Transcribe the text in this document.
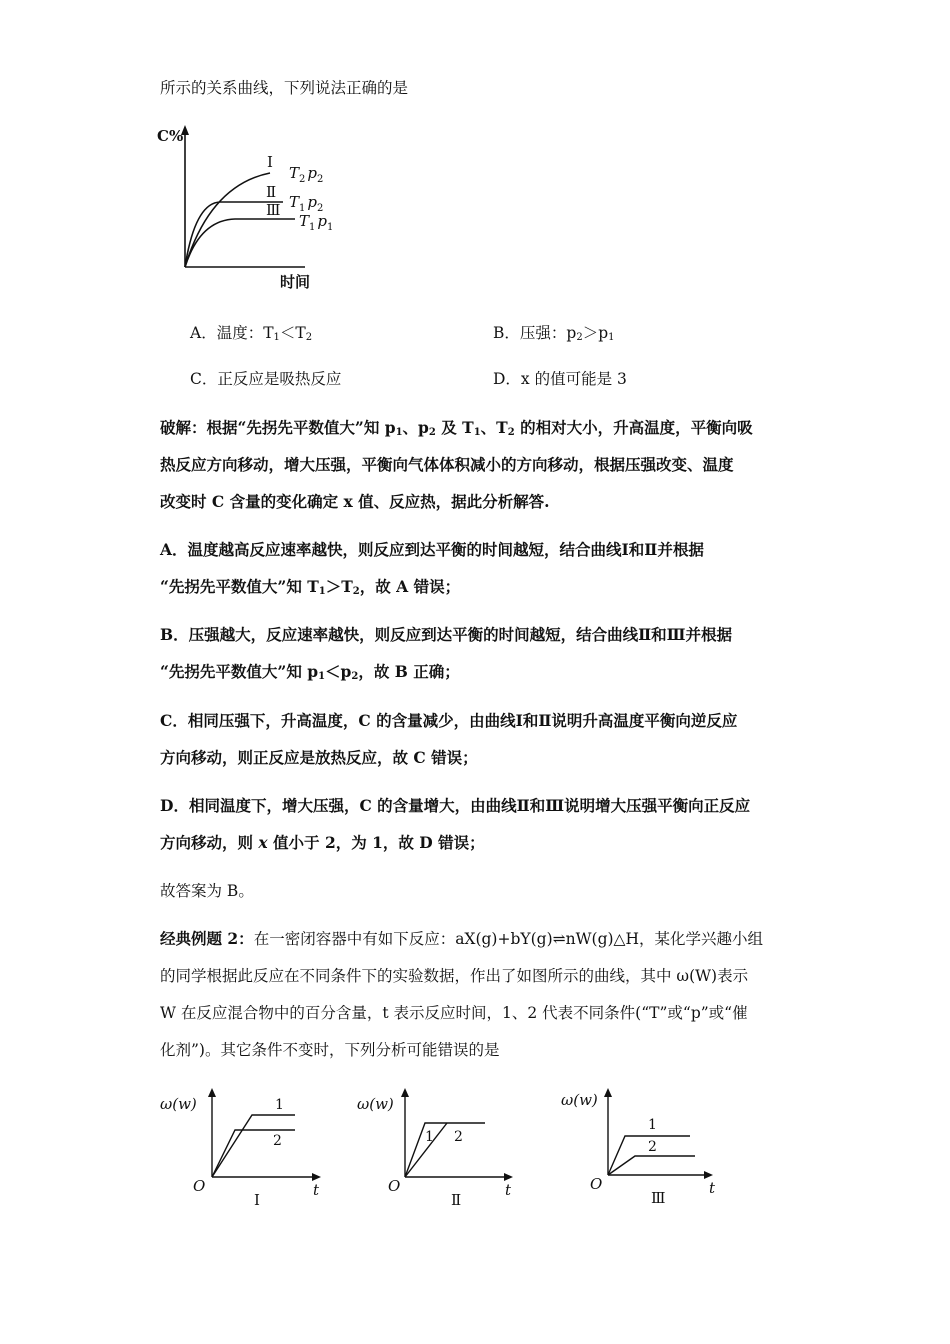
所示的关系曲线，下列说法正确的是
C%
时间
Ⅰ
Ⅱ
Ⅲ
$T_2$ $p_2$
$T_1$ $p_2$
$T_1$ $p_1$
A．温度：$T_1<T_2$	B．压强：$p_2>p_1$
C．正反应是吸热反应	D．x 的值可能是 3
破解：根据“先拐先平数值大”知 $p_1$、$p_2$ 及 $T_1$、$T_2$ 的相对大小，升高温度，平衡向吸
热反应方向移动，增大压强，平衡向气体体积减小的方向移动，根据压强改变、温度
改变时 C 含量的变化确定 x 值、反应热，据此分析解答.
A．温度越高反应速率越快，则反应到达平衡的时间越短，结合曲线Ⅰ和Ⅱ并根据
“先拐先平数值大”知 $T_1>T_2$，故 A 错误；
B．压强越大，反应速率越快，则反应到达平衡的时间越短，结合曲线Ⅱ和Ⅲ并根据
“先拐先平数值大”知 $p_1<p_2$，故 B 正确；
C．相同压强下，升高温度，C 的含量减少，由曲线Ⅰ和Ⅱ说明升高温度平衡向逆反应
方向移动，则正反应是放热反应，故 C 错误；
D．相同温度下，增大压强，C 的含量增大，由曲线Ⅱ和Ⅲ说明增大压强平衡向正反应
方向移动，则 x 值小于 2，为 1，故 D 错误；
故答案为 B。
经典例题 2：在一密闭容器中有如下反应：aX(g)+bY(g)⇌nW(g)△H，某化学兴趣小组
的同学根据此反应在不同条件下的实验数据，作出了如图所示的曲线，其中 ω(W)表示
W 在反应混合物中的百分含量，t 表示反应时间，1、2 代表不同条件(“T”或“p”或“催
化剂”)。其它条件不变时，下列分析可能错误的是
ω(w)
O	t
1
2
Ⅰ
ω(w)
O	t
1 2
Ⅱ
ω(w)
O	t
1
2
Ⅲ
